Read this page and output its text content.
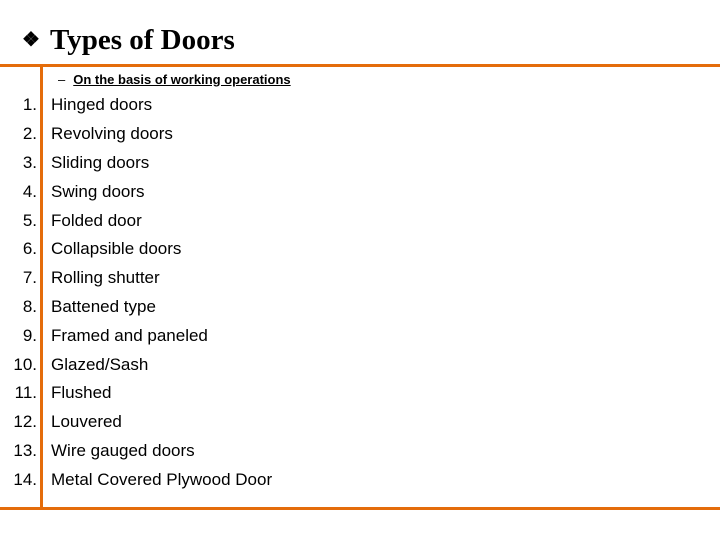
❖ Types of Doors
– On the basis of working operations
1. Hinged doors
2. Revolving doors
3. Sliding doors
4. Swing doors
5. Folded door
6. Collapsible doors
7. Rolling shutter
8. Battened type
9. Framed and paneled
10. Glazed/Sash
11. Flushed
12. Louvered
13. Wire gauged doors
14. Metal Covered Plywood Door
